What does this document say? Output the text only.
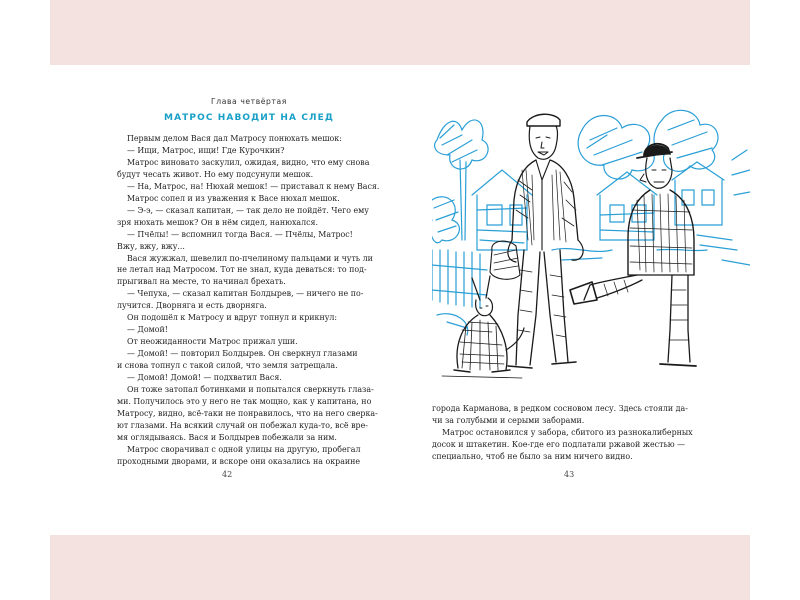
Глава четвёртая
МАТРОС НАВОДИТ НА СЛЕД

Первым делом Вася дал Матросу понюхать мешок:

— Ищи, Матрос, ищи! Где Курочкин?

Матрос виновато заскулил, ожидая, видно, что ему снова

будут чесать живот. Но ему подсунули мешок.

— На, Матрос, на! Нюхай мешок! — приставал к нему Вася.

Матрос сопел и из уважения к Васе нюхал мешок.

— Э-э, — сказал капитан, — так дело не пойдёт. Чего ему

зря нюхать мешок? Он в нём сидел, нанюхался.

— Пчёлы! — вспомнил тогда Вася. — Пчёлы, Матрос!

Вжу, вжу, вжу...

Вася жужжал, шевелил по-пчелиному пальцами и чуть ли

не летал над Матросом. Тот не знал, куда деваться: то под-

прыгивал на месте, то начинал брехать.

— Чепуха, — сказал капитан Болдырев, — ничего не по-

лучится. Дворняга и есть дворняга.

Он подошёл к Матросу и вдруг топнул и крикнул:

— Домой!

От неожиданности Матрос прижал уши.

— Домой! — повторил Болдырев. Он сверкнул глазами

и снова топнул с такой силой, что земля затрещала.

— Домой! Домой! — подхватил Вася.

Он тоже затопал ботинками и попытался сверкнуть глаза-

ми. Получилось это у него не так мощно, как у капитана, но

Матросу, видно, всё-таки не понравилось, что на него сверка-

ют глазами. На всякий случай он побежал куда-то, всё вре-

мя оглядываясь. Вася и Болдырев побежали за ним.

Матрос сворачивал с одной улицы на другую, пробегал

проходными дворами, и вскоре они оказались на окраине

42

города Карманова, в редком сосновом лесу. Здесь стояли да-

чи за голубыми и серыми заборами.

Матрос остановился у забора, сбитого из разнокалиберных

досок и штакетин. Кое-где его подлатали ржавой жестью —

специально, чтоб не было за ним ничего видно.

43
